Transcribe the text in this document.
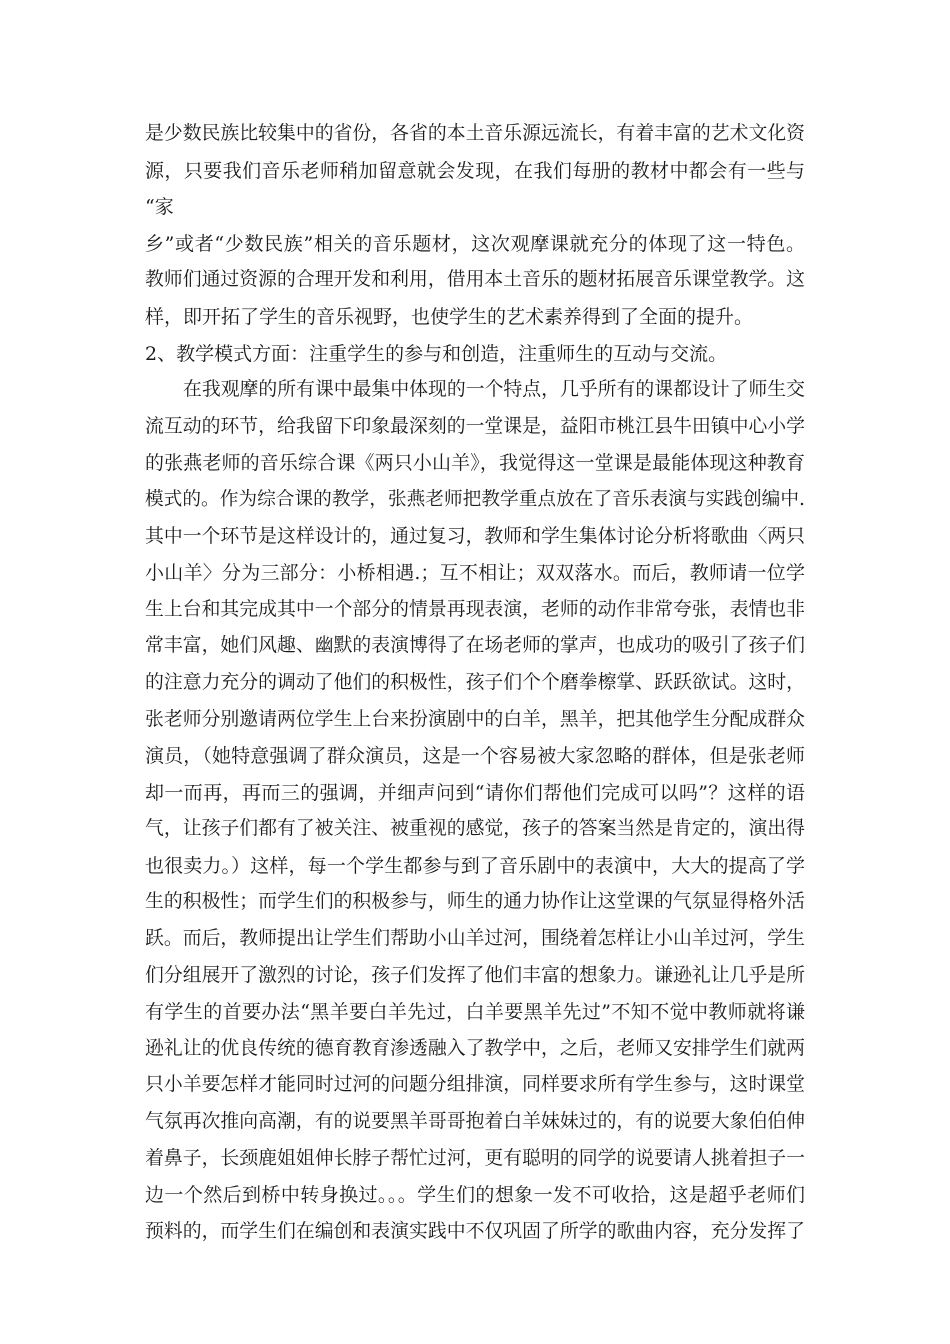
是少数民族比较集中的省份，各省的本土音乐源远流长，有着丰富的艺术文化资
源，只要我们音乐老师稍加留意就会发现，在我们每册的教材中都会有一些与
“家
乡”或者“少数民族”相关的音乐题材，这次观摩课就充分的体现了这一特色。
教师们通过资源的合理开发和利用，借用本土音乐的题材拓展音乐课堂教学。这
样，即开拓了学生的音乐视野，也使学生的艺术素养得到了全面的提升。
2、教学模式方面：注重学生的参与和创造，注重师生的互动与交流。
在我观摩的所有课中最集中体现的一个特点，几乎所有的课都设计了师生交
流互动的环节，给我留下印象最深刻的一堂课是，益阳市桃江县牛田镇中心小学
的张燕老师的音乐综合课《两只小山羊》，我觉得这一堂课是最能体现这种教育
模式的。作为综合课的教学，张燕老师把教学重点放在了音乐表演与实践创编中.
其中一个环节是这样设计的，通过复习，教师和学生集体讨论分析将歌曲〈两只
小山羊〉分为三部分：小桥相遇.；互不相让；双双落水。而后，教师请一位学
生上台和其完成其中一个部分的情景再现表演，老师的动作非常夸张，表情也非
常丰富，她们风趣、幽默的表演博得了在场老师的掌声，也成功的吸引了孩子们
的注意力充分的调动了他们的积极性，孩子们个个磨拳檫掌、跃跃欲试。这时，
张老师分别邀请两位学生上台来扮演剧中的白羊，黑羊，把其他学生分配成群众
演员，（她特意强调了群众演员，这是一个容易被大家忽略的群体，但是张老师
却一而再，再而三的强调，并细声问到“请你们帮他们完成可以吗”？这样的语
气，让孩子们都有了被关注、被重视的感觉，孩子的答案当然是肯定的，演出得
也很卖力。）这样，每一个学生都参与到了音乐剧中的表演中，大大的提高了学
生的积极性；而学生们的积极参与，师生的通力协作让这堂课的气氛显得格外活
跃。而后，教师提出让学生们帮助小山羊过河，围绕着怎样让小山羊过河，学生
们分组展开了激烈的讨论，孩子们发挥了他们丰富的想象力。谦逊礼让几乎是所
有学生的首要办法“黑羊要白羊先过，白羊要黑羊先过”不知不觉中教师就将谦
逊礼让的优良传统的德育教育渗透融入了教学中，之后，老师又安排学生们就两
只小羊要怎样才能同时过河的问题分组排演，同样要求所有学生参与，这时课堂
气氛再次推向高潮，有的说要黑羊哥哥抱着白羊妹妹过的，有的说要大象伯伯伸
着鼻子，长颈鹿姐姐伸长脖子帮忙过河，更有聪明的同学的说要请人挑着担子一
边一个然后到桥中转身换过。。。学生们的想象一发不可收拾，这是超乎老师们
预料的，而学生们在编创和表演实践中不仅巩固了所学的歌曲内容，充分发挥了
